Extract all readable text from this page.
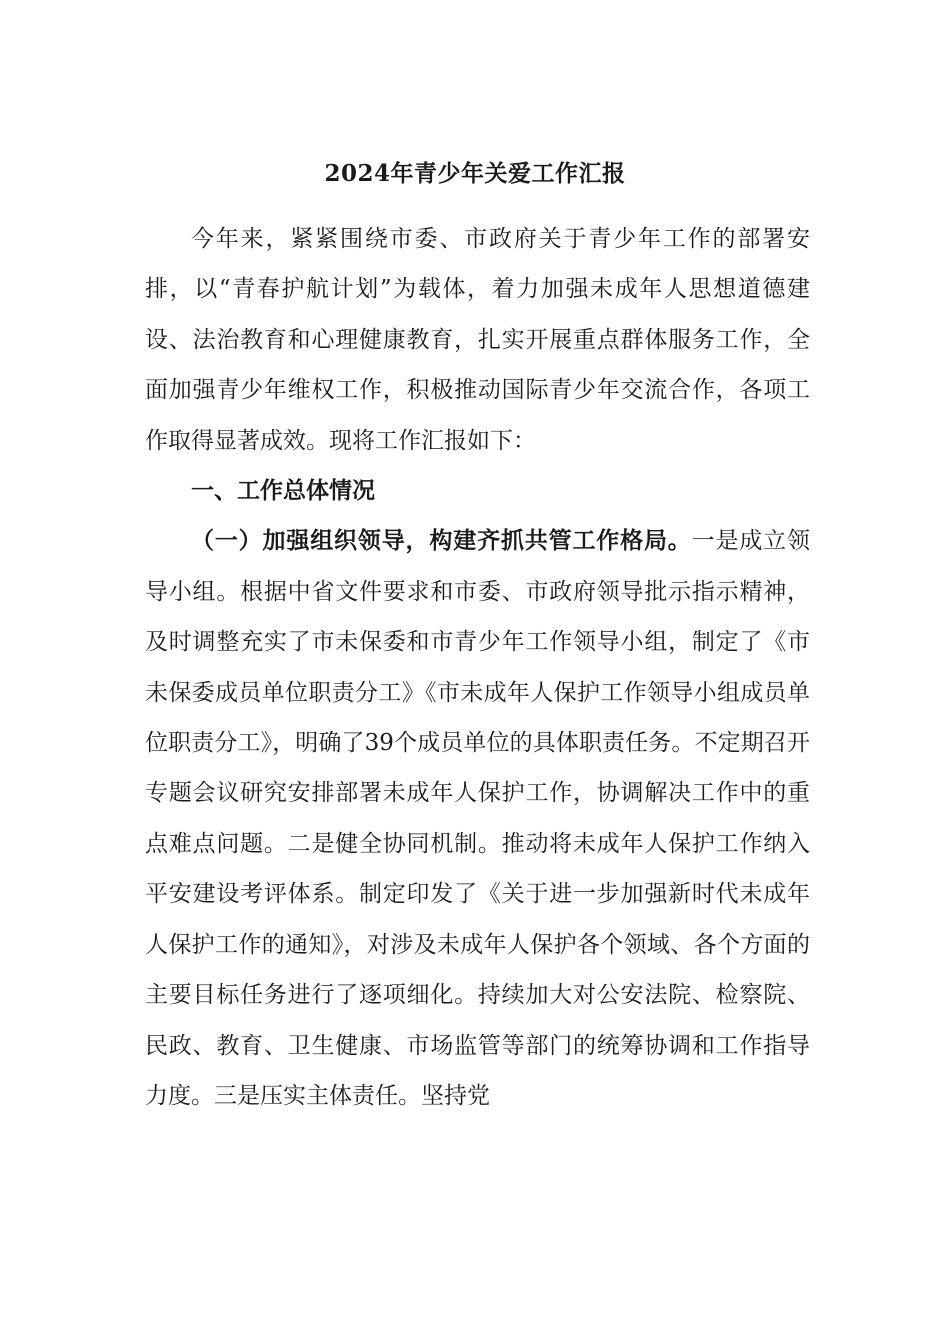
2024年青少年关爱工作汇报

今年来，紧紧围绕市委、市政府关于青少年工作的部署安排，以“青春护航计划”为载体，着力加强未成年人思想道德建设、法治教育和心理健康教育，扎实开展重点群体服务工作，全面加强青少年维权工作，积极推动国际青少年交流合作，各项工作取得显著成效。现将工作汇报如下：

一、工作总体情况

（一）加强组织领导，构建齐抓共管工作格局。一是成立领导小组。根据中省文件要求和市委、市政府领导批示指示精神，及时调整充实了市未保委和市青少年工作领导小组，制定了《市未保委成员单位职责分工》《市未成年人保护工作领导小组成员单位职责分工》，明确了39个成员单位的具体职责任务。不定期召开专题会议研究安排部署未成年人保护工作，协调解决工作中的重点难点问题。二是健全协同机制。推动将未成年人保护工作纳入平安建设考评体系。制定印发了《关于进一步加强新时代未成年人保护工作的通知》，对涉及未成年人保护各个领域、各个方面的主要目标任务进行了逐项细化。持续加大对公安法院、检察院、民政、教育、卫生健康、市场监管等部门的统筹协调和工作指导力度。三是压实主体责任。坚持党
